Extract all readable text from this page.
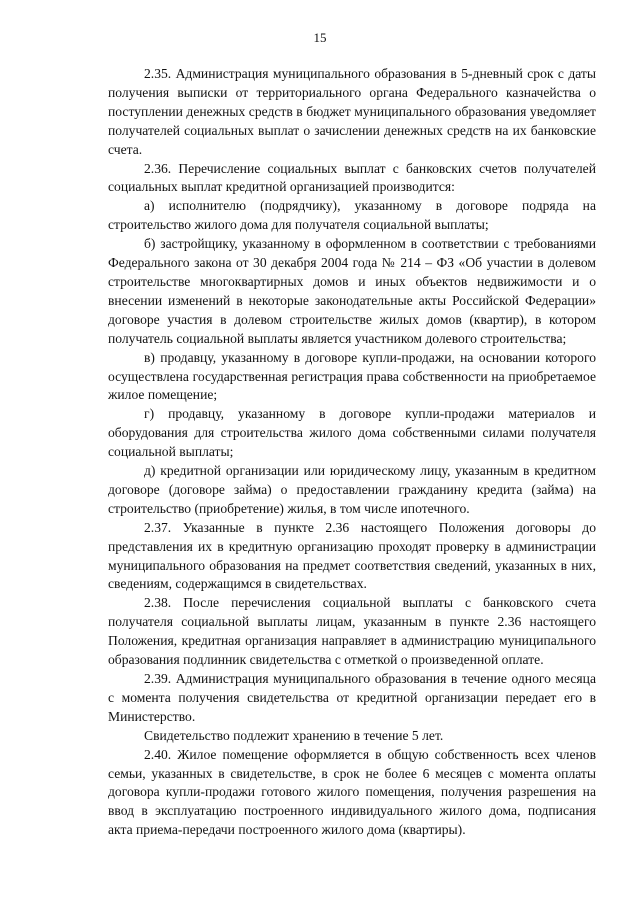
15

2.35. Администрация муниципального образования в 5-дневный срок с даты получения выписки от территориального органа Федерального казначейства о поступлении денежных средств в бюджет муниципального образования уведомляет получателей социальных выплат о зачислении денежных средств на их банковские счета.

2.36. Перечисление социальных выплат с банковских счетов получателей социальных выплат кредитной организацией производится:

а) исполнителю (подрядчику), указанному в договоре подряда на строительство жилого дома для получателя социальной выплаты;

б) застройщику, указанному в оформленном в соответствии с требованиями Федерального закона от 30 декабря 2004 года № 214 – ФЗ «Об участии в долевом строительстве многоквартирных домов и иных объектов недвижимости и о внесении изменений в некоторые законодательные акты Российской Федерации» договоре участия в долевом строительстве жилых домов (квартир), в котором получатель социальной выплаты является участником долевого строительства;

в) продавцу, указанному в договоре купли-продажи, на основании которого осуществлена государственная регистрация права собственности на приобретаемое жилое помещение;

г) продавцу, указанному в договоре купли-продажи материалов и оборудования для строительства жилого дома собственными силами получателя социальной выплаты;

д) кредитной организации или юридическому лицу, указанным в кредитном договоре (договоре займа) о предоставлении гражданину кредита (займа) на строительство (приобретение) жилья, в том числе ипотечного.

2.37. Указанные в пункте 2.36 настоящего Положения договоры до представления их в кредитную организацию проходят проверку в администрации муниципального образования на предмет соответствия сведений, указанных в них, сведениям, содержащимся в свидетельствах.

2.38. После перечисления социальной выплаты с банковского счета получателя социальной выплаты лицам, указанным в пункте 2.36 настоящего Положения, кредитная организация направляет в администрацию муниципального образования подлинник свидетельства с отметкой о произведенной оплате.

2.39. Администрация муниципального образования в течение одного месяца с момента получения свидетельства от кредитной организации передает его в Министерство.

Свидетельство подлежит хранению в течение 5 лет.

2.40. Жилое помещение оформляется в общую собственность всех членов семьи, указанных в свидетельстве, в срок не более 6 месяцев с момента оплаты договора купли-продажи готового жилого помещения, получения разрешения на ввод в эксплуатацию построенного индивидуального жилого дома, подписания акта приема-передачи построенного жилого дома (квартиры).
